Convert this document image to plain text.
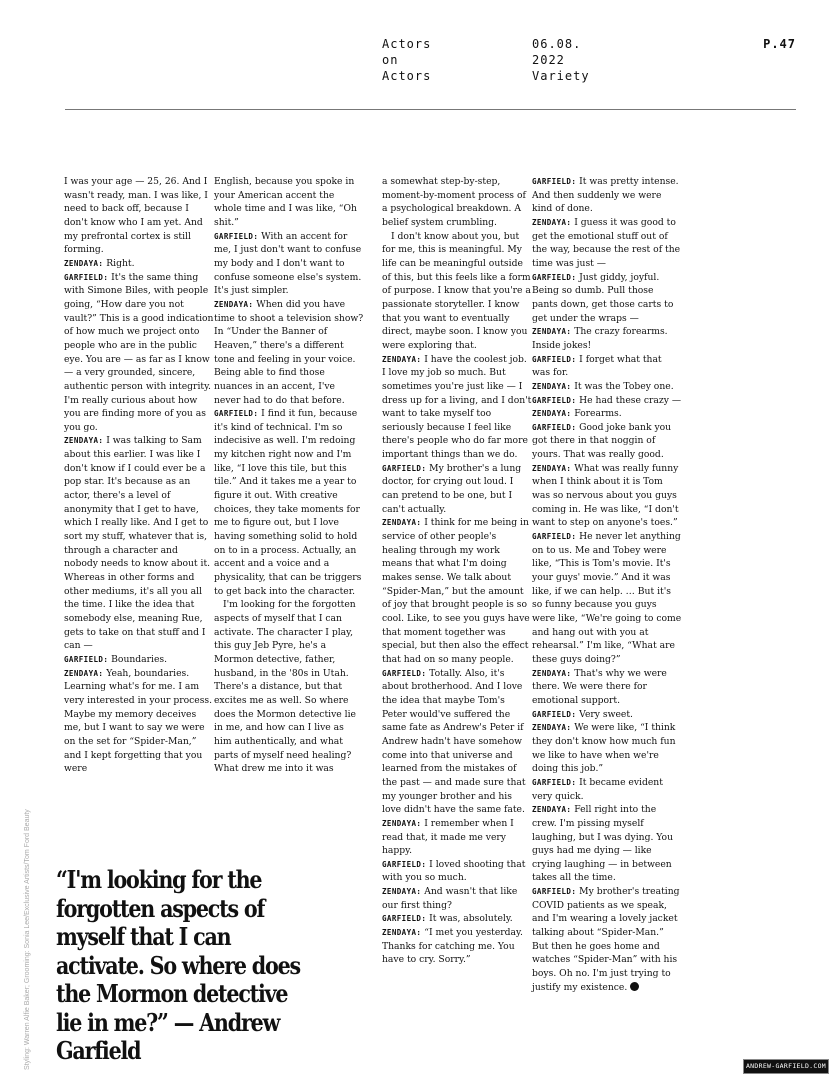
Actors
on
Actors
06.08.
2022
Variety
P.47

I was your age — 25, 26. And I wasn't ready, man. I was like, I need to back off, because I don't know who I am yet. And my prefrontal cortex is still forming.

ZENDAYA: Right.

GARFIELD: It's the same thing with Simone Biles, with people going, “How dare you not vault?” This is a good indication of how much we project onto people who are in the public eye. You are — as far as I know — a very grounded, sincere, authentic person with integrity. I'm really curious about how you are finding more of you as you go.

ZENDAYA: I was talking to Sam about this earlier. I was like I don't know if I could ever be a pop star. It's because as an actor, there's a level of anonymity that I get to have, which I really like. And I get to sort my stuff, whatever that is, through a character and nobody needs to know about it. Whereas in other forms and other mediums, it's all you all the time. I like the idea that somebody else, meaning Rue, gets to take on that stuff and I can —

GARFIELD: Boundaries.

ZENDAYA: Yeah, boundaries. Learning what's for me. I am very interested in your process. Maybe my memory deceives me, but I want to say we were on the set for “Spider-Man,” and I kept forgetting that you were

English, because you spoke in your American accent the whole time and I was like, “Oh shit.”

GARFIELD: With an accent for me, I just don't want to confuse my body and I don't want to confuse someone else's system. It's just simpler.

ZENDAYA: When did you have time to shoot a television show? In “Under the Banner of Heaven,” there's a different tone and feeling in your voice. Being able to find those nuances in an accent, I've never had to do that before.

GARFIELD: I find it fun, because it's kind of technical. I'm so indecisive as well. I'm redoing my kitchen right now and I'm like, “I love this tile, but this tile.” And it takes me a year to figure it out. With creative choices, they take moments for me to figure out, but I love having something solid to hold on to in a process. Actually, an accent and a voice and a physicality, that can be triggers to get back into the character.

I'm looking for the forgotten aspects of myself that I can activate. The character I play, this guy Jeb Pyre, he's a Mormon detective, father, husband, in the '80s in Utah. There's a distance, but that excites me as well. So where does the Mormon detective lie in me, and how can I live as him authentically, and what parts of myself need healing? What drew me into it was

a somewhat step-by-step, moment-by-moment process of a psychological breakdown. A belief system crumbling.

I don't know about you, but for me, this is meaningful. My life can be meaningful outside of this, but this feels like a form of purpose. I know that you're a passionate storyteller. I know that you want to eventually direct, maybe soon. I know you were exploring that.

ZENDAYA: I have the coolest job. I love my job so much. But sometimes you're just like — I dress up for a living, and I don't want to take myself too seriously because I feel like there's people who do far more important things than we do.

GARFIELD: My brother's a lung doctor, for crying out loud. I can pretend to be one, but I can't actually.

ZENDAYA: I think for me being in service of other people's healing through my work means that what I'm doing makes sense. We talk about “Spider-Man,” but the amount of joy that brought people is so cool. Like, to see you guys have that moment together was special, but then also the effect that had on so many people.

GARFIELD: Totally. Also, it's about brotherhood. And I love the idea that maybe Tom's Peter would've suffered the same fate as Andrew's Peter if Andrew hadn't have somehow come into that universe and learned from the mistakes of the past — and made sure that my younger brother and his love didn't have the same fate.

ZENDAYA: I remember when I read that, it made me very happy.

GARFIELD: I loved shooting that with you so much.

ZENDAYA: And wasn't that like our first thing?

GARFIELD: It was, absolutely.

ZENDAYA: “I met you yesterday. Thanks for catching me. You have to cry. Sorry.”

GARFIELD: It was pretty intense. And then suddenly we were kind of done.

ZENDAYA: I guess it was good to get the emotional stuff out of the way, because the rest of the time was just —

GARFIELD: Just giddy, joyful. Being so dumb. Pull those pants down, get those carts to get under the wraps —

ZENDAYA: The crazy forearms. Inside jokes!

GARFIELD: I forget what that was for.

ZENDAYA: It was the Tobey one.

GARFIELD: He had these crazy —

ZENDAYA: Forearms.

GARFIELD: Good joke bank you got there in that noggin of yours. That was really good.

ZENDAYA: What was really funny when I think about it is Tom was so nervous about you guys coming in. He was like, “I don't want to step on anyone's toes.”

GARFIELD: He never let anything on to us. Me and Tobey were like, “This is Tom's movie. It's your guys' movie.” And it was like, if we can help. … But it's so funny because you guys were like, “We're going to come and hang out with you at rehearsal.” I'm like, “What are these guys doing?”

ZENDAYA: That's why we were there. We were there for emotional support.

GARFIELD: Very sweet.

ZENDAYA: We were like, “I think they don't know how much fun we like to have when we're doing this job.”

GARFIELD: It became evident very quick.

ZENDAYA: Fell right into the crew. I'm pissing myself laughing, but I was dying. You guys had me dying — like crying laughing — in between takes all the time.

GARFIELD: My brother's treating COVID patients as we speak, and I'm wearing a lovely jacket talking about “Spider-Man.” But then he goes home and watches “Spider-Man” with his boys. Oh no. I'm just trying to justify my existence.

“I'm looking for the forgotten aspects of myself that I can activate. So where does the Mormon detective lie in me?” — Andrew Garfield
Styling: Warren Alfie Baker; Grooming: Sonia Lee/Exclusive Artists/Tom Ford Beauty	ANDREW-GARFIELD.COM
